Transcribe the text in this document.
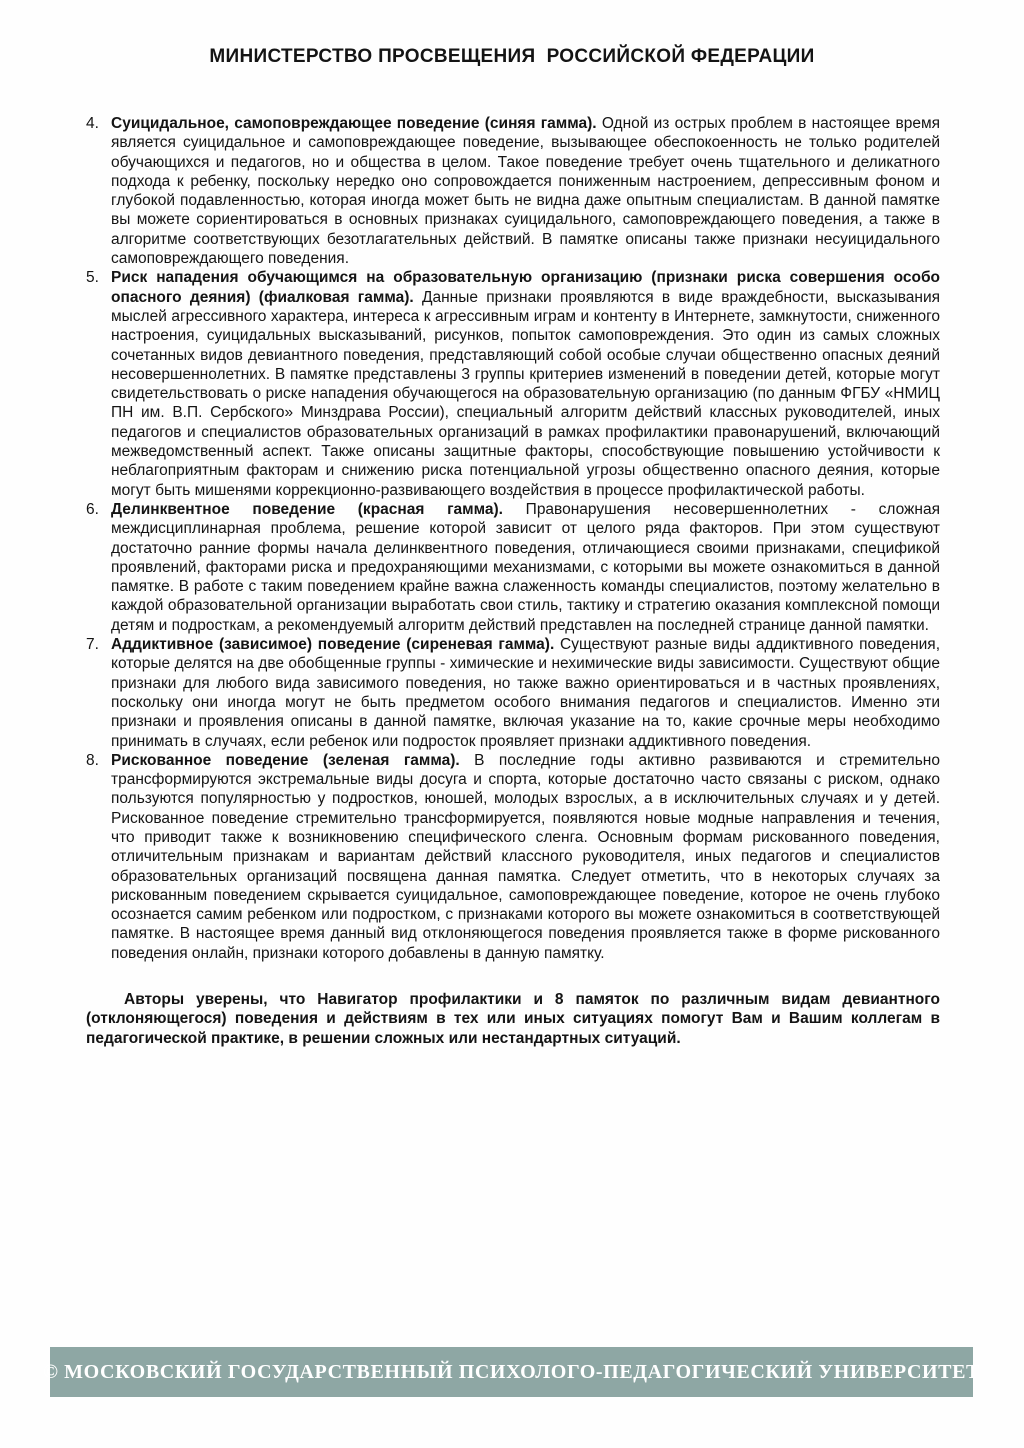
МИНИСТЕРСТВО ПРОСВЕЩЕНИЯ  РОССИЙСКОЙ ФЕДЕРАЦИИ
4. Суицидальное, самоповреждающее поведение (синяя гамма). Одной из острых проблем в настоящее время является суицидальное и самоповреждающее поведение, вызывающее обеспокоенность не только родителей обучающихся и педагогов, но и общества в целом. Такое поведение требует очень тщательного и деликатного подхода к ребенку, поскольку нередко оно сопровождается пониженным настроением, депрессивным фоном и глубокой подавленностью, которая иногда может быть не видна даже опытным специалистам. В данной памятке вы можете сориентироваться в основных признаках суицидального, самоповреждающего поведения, а также в алгоритме соответствующих безотлагательных действий. В памятке описаны также признаки несуицидального самоповреждающего поведения.

5. Риск нападения обучающимся на образовательную организацию (признаки риска совершения особо опасного деяния) (фиалковая гамма). Данные признаки проявляются в виде враждебности, высказывания мыслей агрессивного характера, интереса к агрессивным играм и контенту в Интернете, замкнутости, сниженного настроения, суицидальных высказываний, рисунков, попыток самоповреждения. Это один из самых сложных сочетанных видов девиантного поведения, представляющий собой особые случаи общественно опасных деяний несовершеннолетних. В памятке представлены 3 группы критериев изменений в поведении детей, которые могут свидетельствовать о риске нападения обучающегося на образовательную организацию (по данным ФГБУ «НМИЦ ПН им. В.П. Сербского» Минздрава России), специальный алгоритм действий классных руководителей, иных педагогов и специалистов образовательных организаций в рамках профилактики правонарушений, включающий межведомственный аспект. Также описаны защитные факторы, способствующие повышению устойчивости к неблагоприятным факторам и снижению риска потенциальной угрозы общественно опасного деяния, которые могут быть мишенями коррекционно-развивающего воздействия в процессе профилактической работы.

6. Делинквентное поведение (красная гамма). Правонарушения несовершеннолетних - сложная междисциплинарная проблема, решение которой зависит от целого ряда факторов. При этом существуют достаточно ранние формы начала делинквентного поведения, отличающиеся своими признаками, спецификой проявлений, факторами риска и предохраняющими механизмами, с которыми вы можете ознакомиться в данной памятке. В работе с таким поведением крайне важна слаженность команды специалистов, поэтому желательно в каждой образовательной организации выработать свои стиль, тактику и стратегию оказания комплексной помощи детям и подросткам, а рекомендуемый алгоритм действий представлен на последней странице данной памятки.

7. Аддиктивное (зависимое) поведение (сиреневая гамма). Существуют разные виды аддиктивного поведения, которые делятся на две обобщенные группы - химические и нехимические виды зависимости. Существуют общие признаки для любого вида зависимого поведения, но также важно ориентироваться и в частных проявлениях, поскольку они иногда могут не быть предметом особого внимания педагогов и специалистов. Именно эти признаки и проявления описаны в данной памятке, включая указание на то, какие срочные меры необходимо принимать в случаях, если ребенок или подросток проявляет признаки аддиктивного поведения.

8. Рискованное поведение (зеленая гамма). В последние годы активно развиваются и стремительно трансформируются экстремальные виды досуга и спорта, которые достаточно часто связаны с риском, однако пользуются популярностью у подростков, юношей, молодых взрослых, а в исключительных случаях и у детей. Рискованное поведение стремительно трансформируется, появляются новые модные направления и течения, что приводит также к возникновению специфического сленга. Основным формам рискованного поведения, отличительным признакам и вариантам действий классного руководителя, иных педагогов и специалистов образовательных организаций посвящена данная памятка. Следует отметить, что в некоторых случаях за рискованным поведением скрывается суицидальное, самоповреждающее поведение, которое не очень глубоко осознается самим ребенком или подростком, с признаками которого вы можете ознакомиться в соответствующей памятке. В настоящее время данный вид отклоняющегося поведения проявляется также в форме рискованного поведения онлайн, признаки которого добавлены в данную памятку.

Авторы уверены, что Навигатор профилактики и 8 памяток по различным видам девиантного (отклоняющегося) поведения и действиям в тех или иных ситуациях помогут Вам и Вашим коллегам в педагогической практике, в решении сложных или нестандартных ситуаций.

© МОСКОВСКИЙ ГОСУДАРСТВЕННЫЙ ПСИХОЛОГО-ПЕДАГОГИЧЕСКИЙ УНИВЕРСИТЕТ
